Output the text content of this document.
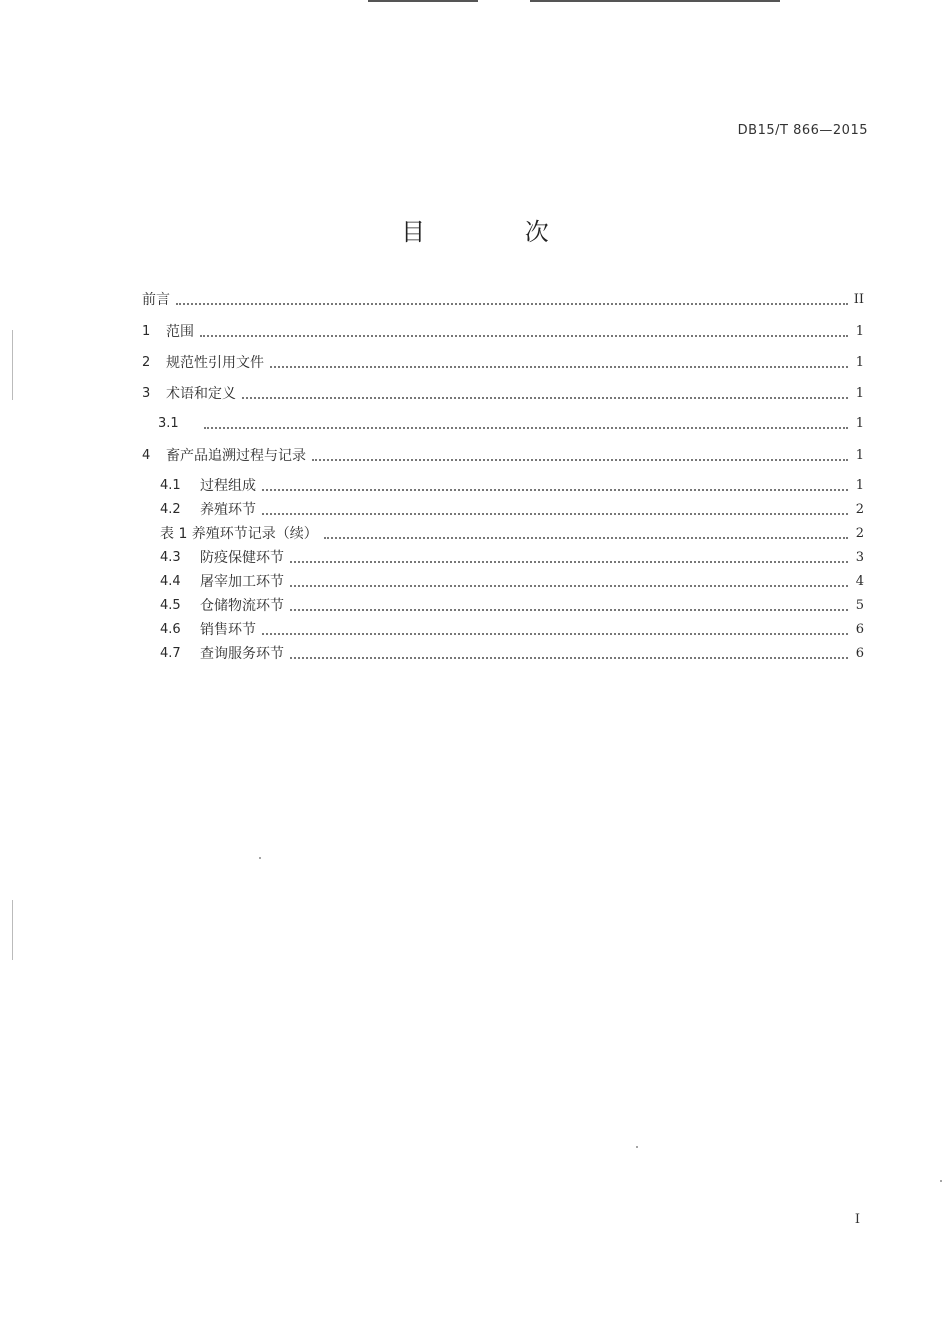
DB15/T 866—2015
目 次
前言	II
1	范围	1
2	规范性引用文件	1
3	术语和定义	1
3.1	1
4	畜产品追溯过程与记录	1
4.1	过程组成	1
4.2	养殖环节	2
表 1 养殖环节记录（续）	2
4.3	防疫保健环节	3
4.4	屠宰加工环节	4
4.5	仓储物流环节	5
4.6	销售环节	6
4.7	查询服务环节	6
I
